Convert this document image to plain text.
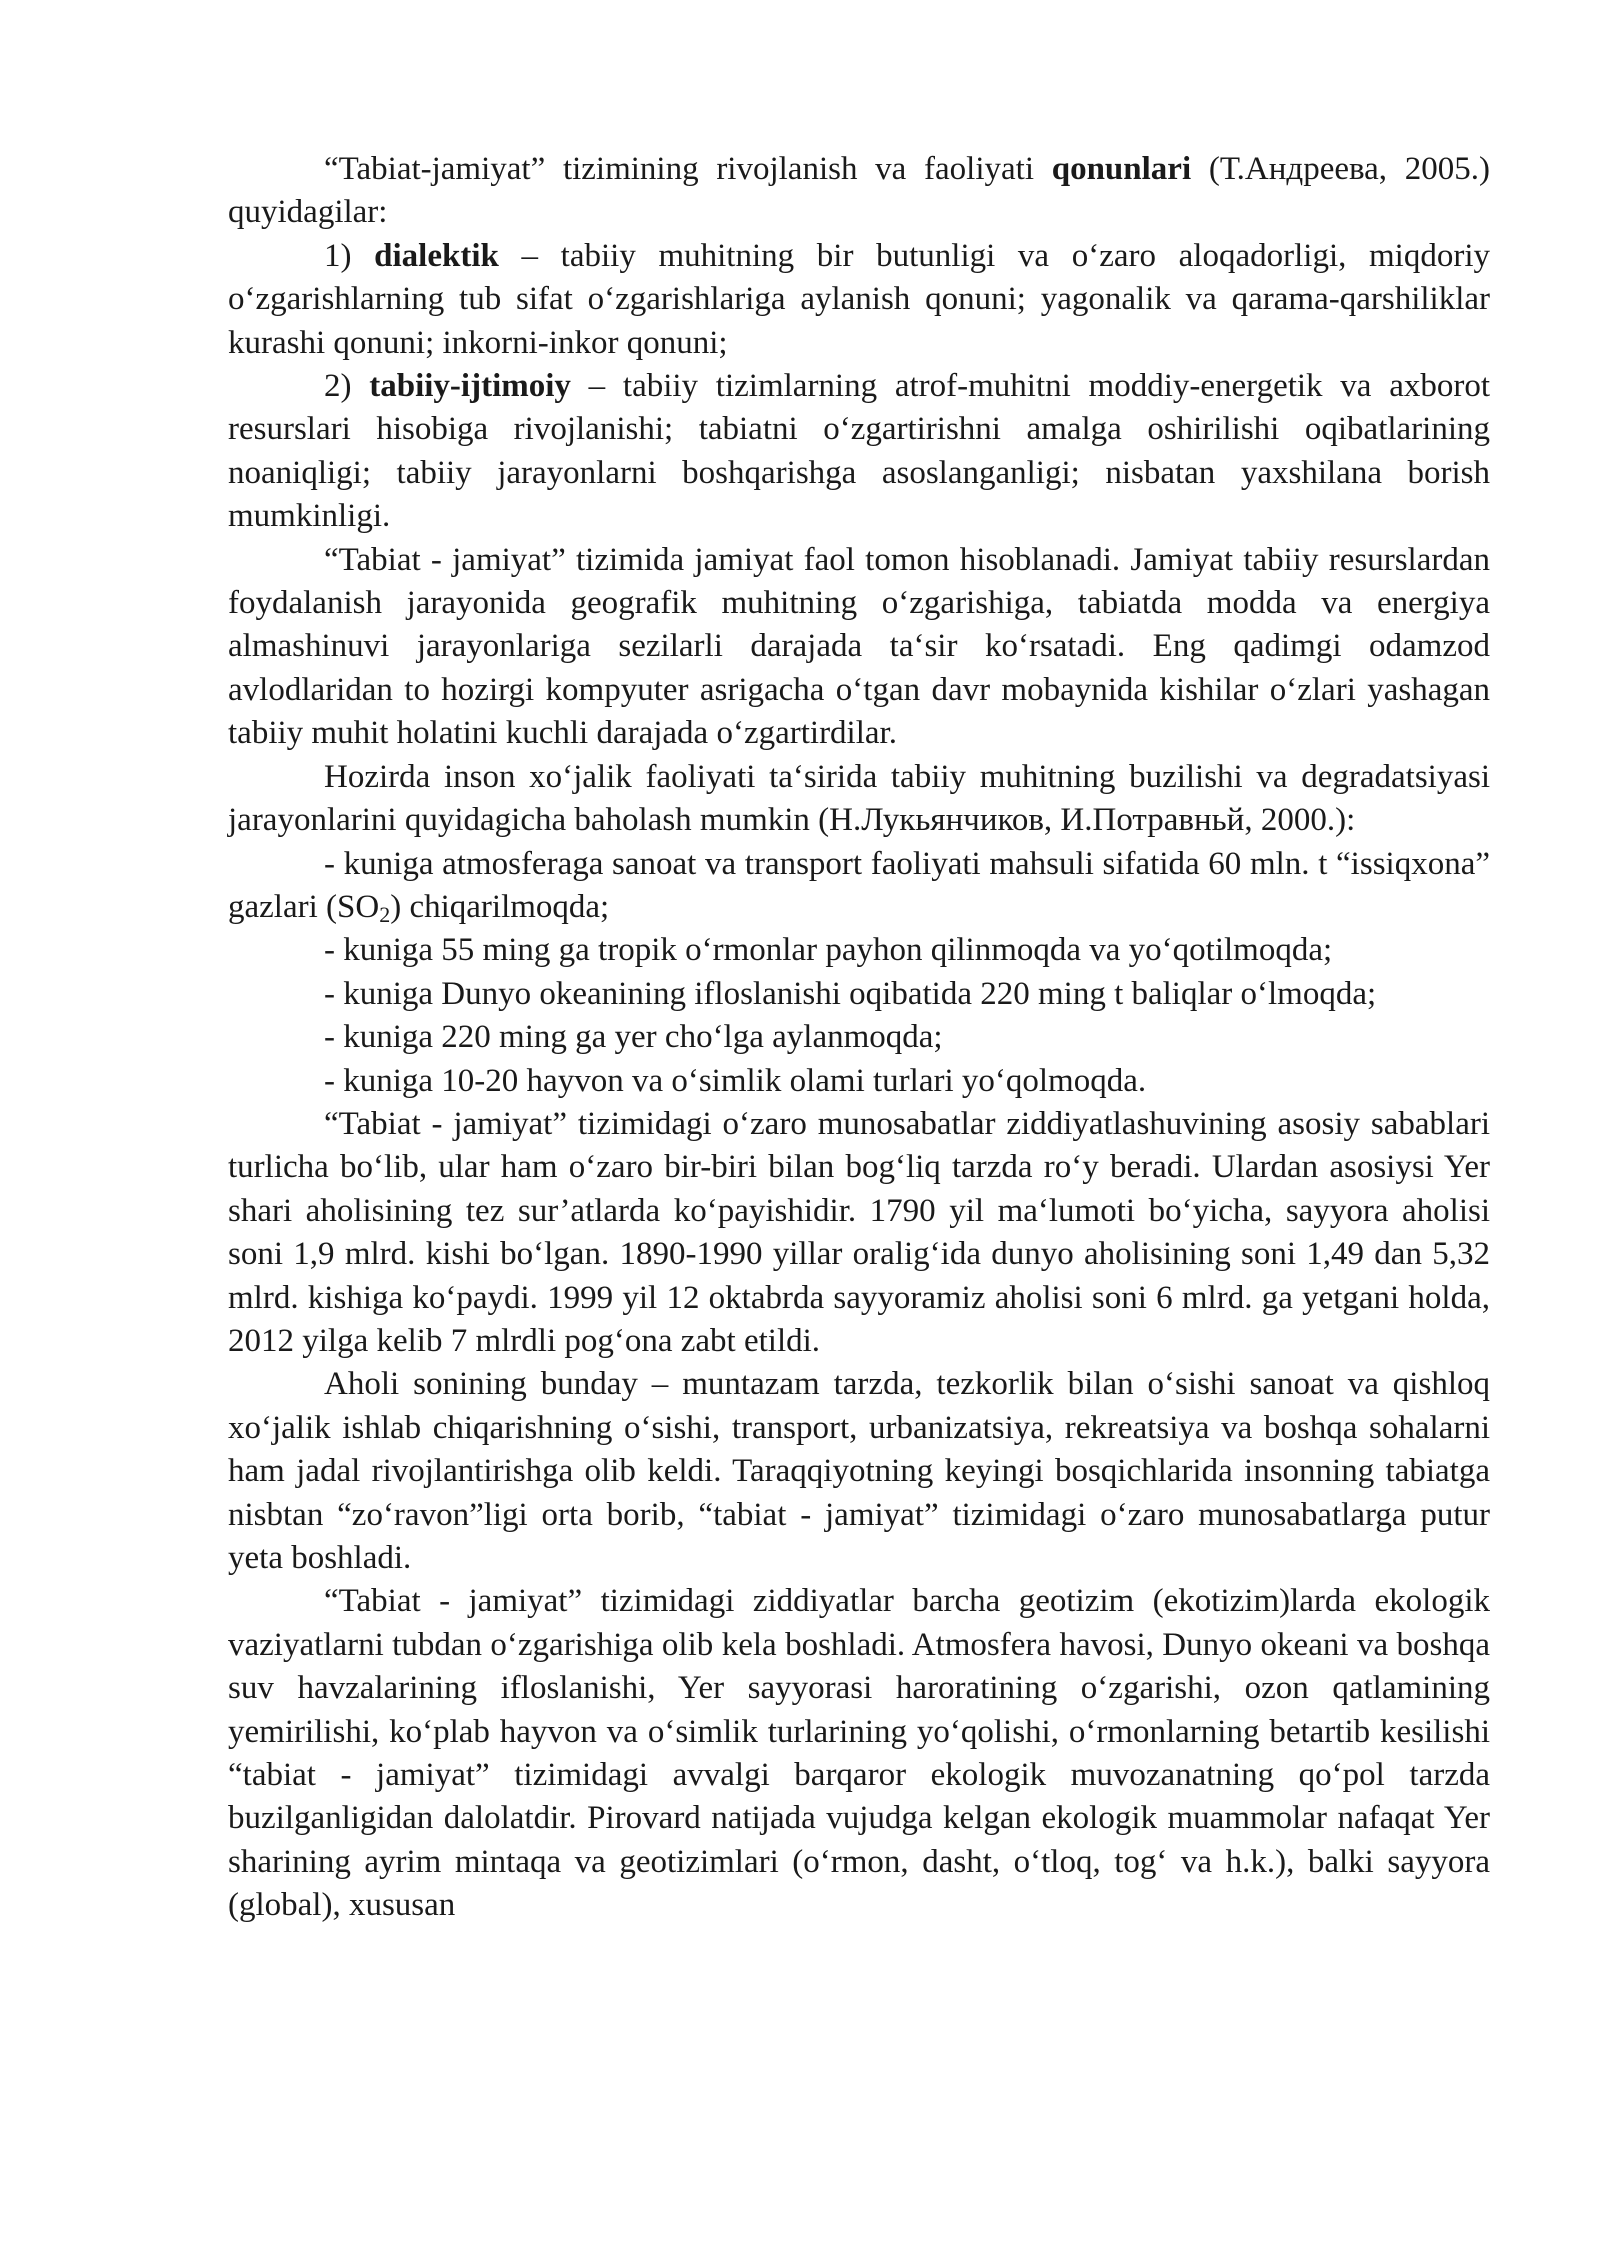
“Tabiat-jamiyat” tizimining rivojlanish va faoliyati qonunlari (Т.Андреева, 2005.) quyidagilar:

1) dialektik – tabiiy muhitning bir butunligi va o‘zaro aloqadorligi, miqdoriy o‘zgarishlarning tub sifat o‘zgarishlariga aylanish qonuni; yagonalik va qarama-qarshiliklar kurashi qonuni; inkorni-inkor qonuni;

2) tabiiy-ijtimoiy – tabiiy tizimlarning atrof-muhitni moddiy-energetik va axborot resurslari hisobiga rivojlanishi; tabiatni o‘zgartirishni amalga oshirilishi oqibatlarining noaniqligi; tabiiy jarayonlarni boshqarishga asoslanganligi; nisbatan yaxshilana borish mumkinligi.

“Tabiat - jamiyat” tizimida jamiyat faol tomon hisoblanadi. Jamiyat tabiiy resurslardan foydalanish jarayonida geografik muhitning o‘zgarishiga, tabiatda modda va energiya almashinuvi jarayonlariga sezilarli darajada ta‘sir ko‘rsatadi. Eng qadimgi odamzod avlodlaridan to hozirgi kompyuter asrigacha o‘tgan davr mobaynida kishilar o‘zlari yashagan tabiiy muhit holatini kuchli darajada o‘zgartirdilar.

Hozirda inson xo‘jalik faoliyati ta‘sirida tabiiy muhitning buzilishi va degradatsiyasi jarayonlarini quyidagicha baholash mumkin (Н.Лукьянчиков, И.Потравньй, 2000.):

- kuniga atmosferaga sanoat va transport faoliyati mahsuli sifatida 60 mln. t “issiqxona” gazlari $(SO_2)$ chiqarilmoqda;

- kuniga 55 ming ga tropik o‘rmonlar payhon qilinmoqda va yo‘qotilmoqda;

- kuniga Dunyo okeanining ifloslanishi oqibatida 220 ming t baliqlar o‘lmoqda;

- kuniga 220 ming ga yer cho‘lga aylanmoqda;

- kuniga 10-20 hayvon va o‘simlik olami turlari yo‘qolmoqda.

“Tabiat - jamiyat” tizimidagi o‘zaro munosabatlar ziddiyatlashuvining asosiy sabablari turlicha bo‘lib, ular ham o‘zaro bir-biri bilan bog‘liq tarzda ro‘y beradi. Ulardan asosiysi Yer shari aholisining tez sur’atlarda ko‘payishidir. 1790 yil ma‘lumoti bo‘yicha, sayyora aholisi soni 1,9 mlrd. kishi bo‘lgan. 1890-1990 yillar oralig‘ida dunyo aholisining soni 1,49 dan 5,32 mlrd. kishiga ko‘paydi. 1999 yil 12 oktabrda sayyoramiz aholisi soni 6 mlrd. ga yetgani holda, 2012 yilga kelib 7 mlrdli pog‘ona zabt etildi.

Aholi sonining bunday – muntazam tarzda, tezkorlik bilan o‘sishi sanoat va qishloq xo‘jalik ishlab chiqarishning o‘sishi, transport, urbanizatsiya, rekreatsiya va boshqa sohalarni ham jadal rivojlantirishga olib keldi. Taraqqiyotning keyingi bosqichlarida insonning tabiatga nisbtan “zo‘ravon”ligi orta borib, “tabiat - jamiyat” tizimidagi o‘zaro munosabatlarga putur yeta boshladi.

“Tabiat - jamiyat” tizimidagi ziddiyatlar barcha geotizim (ekotizim)larda ekologik vaziyatlarni tubdan o‘zgarishiga olib kela boshladi. Atmosfera havosi, Dunyo okeani va boshqa suv havzalarining ifloslanishi, Yer sayyorasi haroratining o‘zgarishi, ozon qatlamining yemirilishi, ko‘plab hayvon va o‘simlik turlarining yo‘qolishi, o‘rmonlarning betartib kesilishi “tabiat - jamiyat” tizimidagi avvalgi barqaror ekologik muvozanatning qo‘pol tarzda buzilganligidan dalolatdir. Pirovard natijada vujudga kelgan ekologik muammolar nafaqat Yer sharining ayrim mintaqa va geotizimlari (o‘rmon, dasht, o‘tloq, tog‘ va h.k.), balki sayyora (global), xususan
